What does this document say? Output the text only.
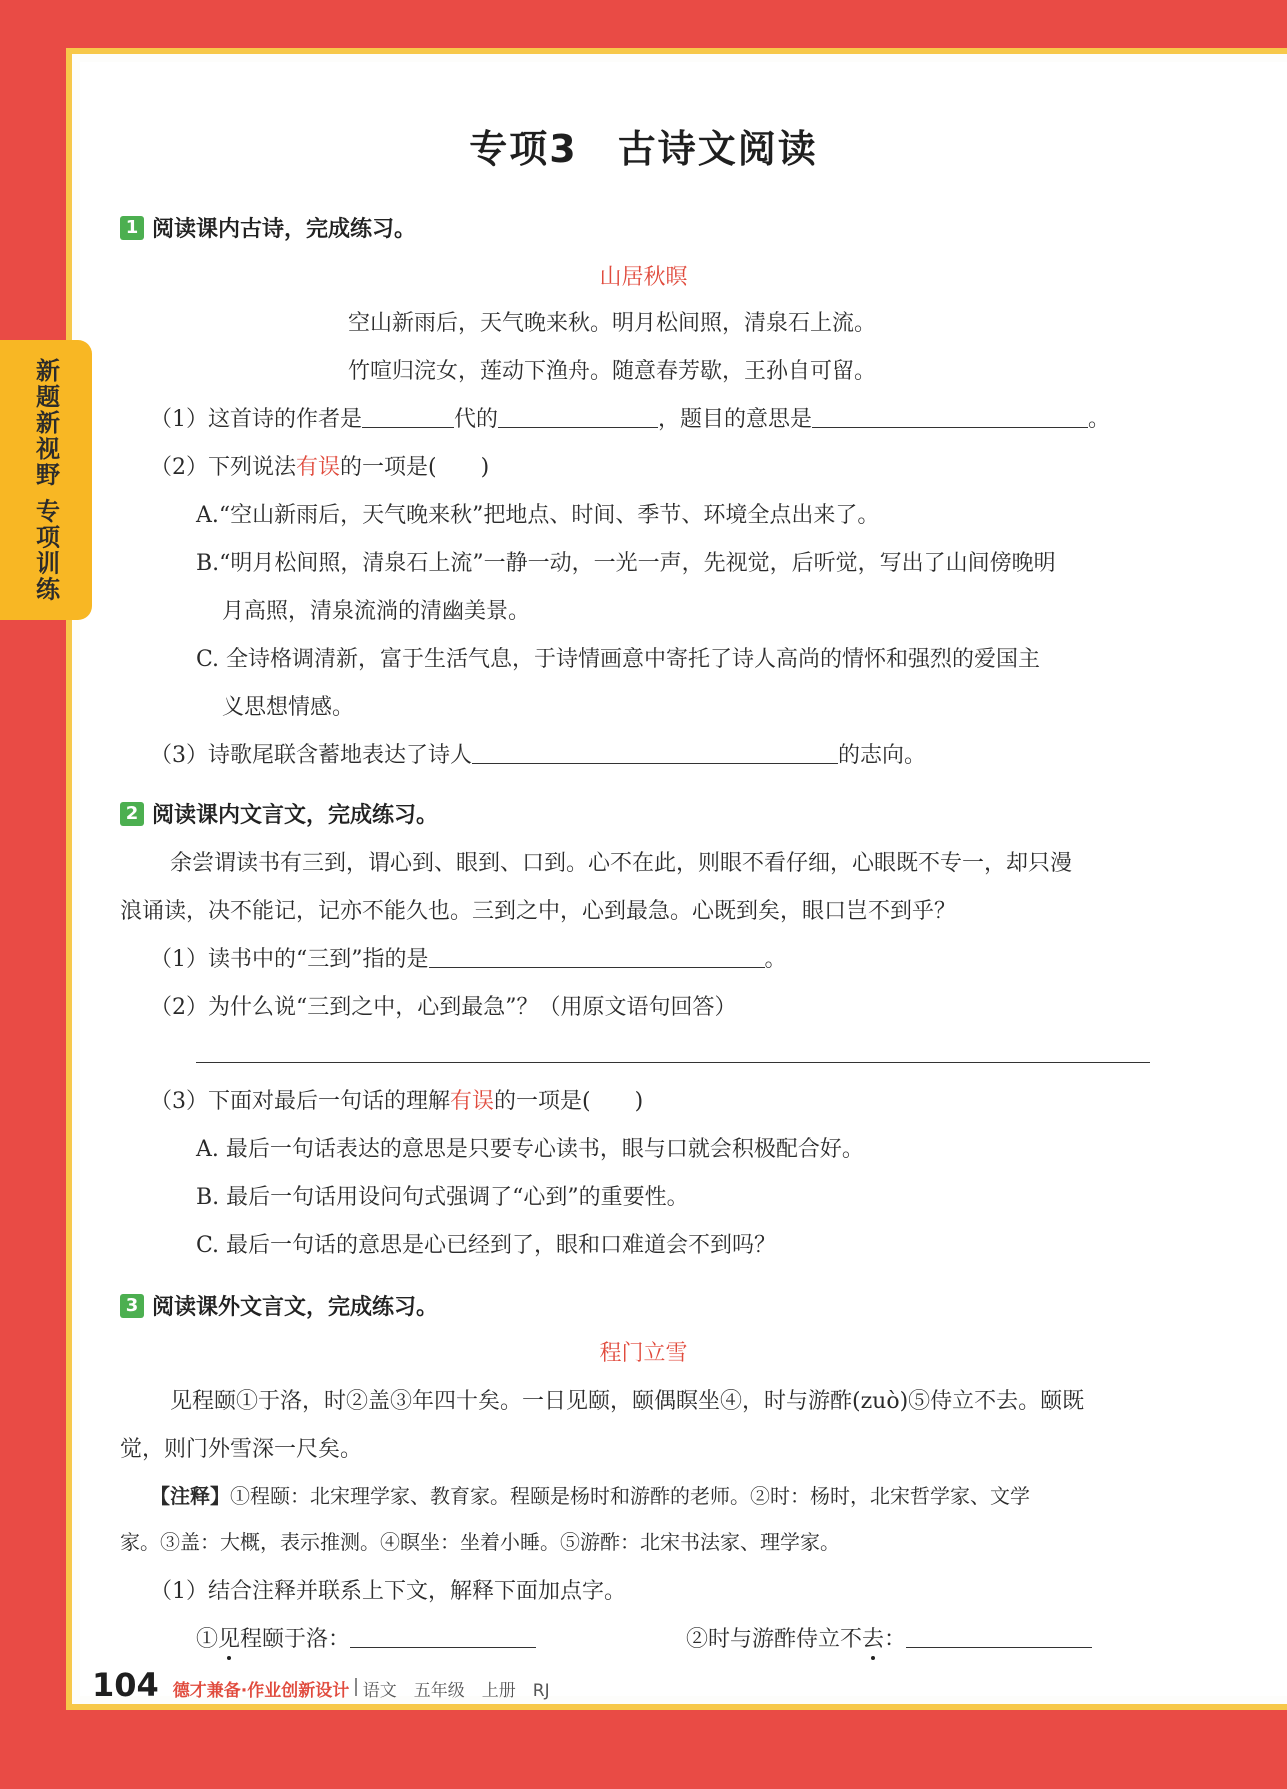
新题新视野 专项训练
专项3　古诗文阅读
1 阅读课内古诗，完成练习。
山居秋暝
空山新雨后，天气晚来秋。明月松间照，清泉石上流。
竹喧归浣女，莲动下渔舟。随意春芳歇，王孙自可留。
（1）这首诗的作者是	代的	，题目的意思是	。
（2）下列说法有误的一项是(　　)
A.“空山新雨后，天气晚来秋”把地点、时间、季节、环境全点出来了。
B.“明月松间照，清泉石上流”一静一动，一光一声，先视觉，后听觉，写出了山间傍晚明
月高照，清泉流淌的清幽美景。
C. 全诗格调清新，富于生活气息，于诗情画意中寄托了诗人高尚的情怀和强烈的爱国主
义思想情感。
（3）诗歌尾联含蓄地表达了诗人	的志向。
2 阅读课内文言文，完成练习。
余尝谓读书有三到，谓心到、眼到、口到。心不在此，则眼不看仔细，心眼既不专一，却只漫
浪诵读，决不能记，记亦不能久也。三到之中，心到最急。心既到矣，眼口岂不到乎？
（1）读书中的“三到”指的是	。
（2）为什么说“三到之中，心到最急”？（用原文语句回答）
（3）下面对最后一句话的理解有误的一项是(　　)
A. 最后一句话表达的意思是只要专心读书，眼与口就会积极配合好。
B. 最后一句话用设问句式强调了“心到”的重要性。
C. 最后一句话的意思是心已经到了，眼和口难道会不到吗？
3 阅读课外文言文，完成练习。
程门立雪
见程颐①于洛，时②盖③年四十矣。一日见颐，颐偶瞑坐④，时与游酢(zuò)⑤侍立不去。颐既
觉，则门外雪深一尺矣。
【注释】①程颐：北宋理学家、教育家。程颐是杨时和游酢的老师。②时：杨时，北宋哲学家、文学
家。③盖：大概，表示推测。④瞑坐：坐着小睡。⑤游酢：北宋书法家、理学家。
（1）结合注释并联系上下文，解释下面加点字。
①见程颐于洛：	②时与游酢侍立不去：
104 德才兼备·作业创新设计 语文　五年级　上册　RJ
